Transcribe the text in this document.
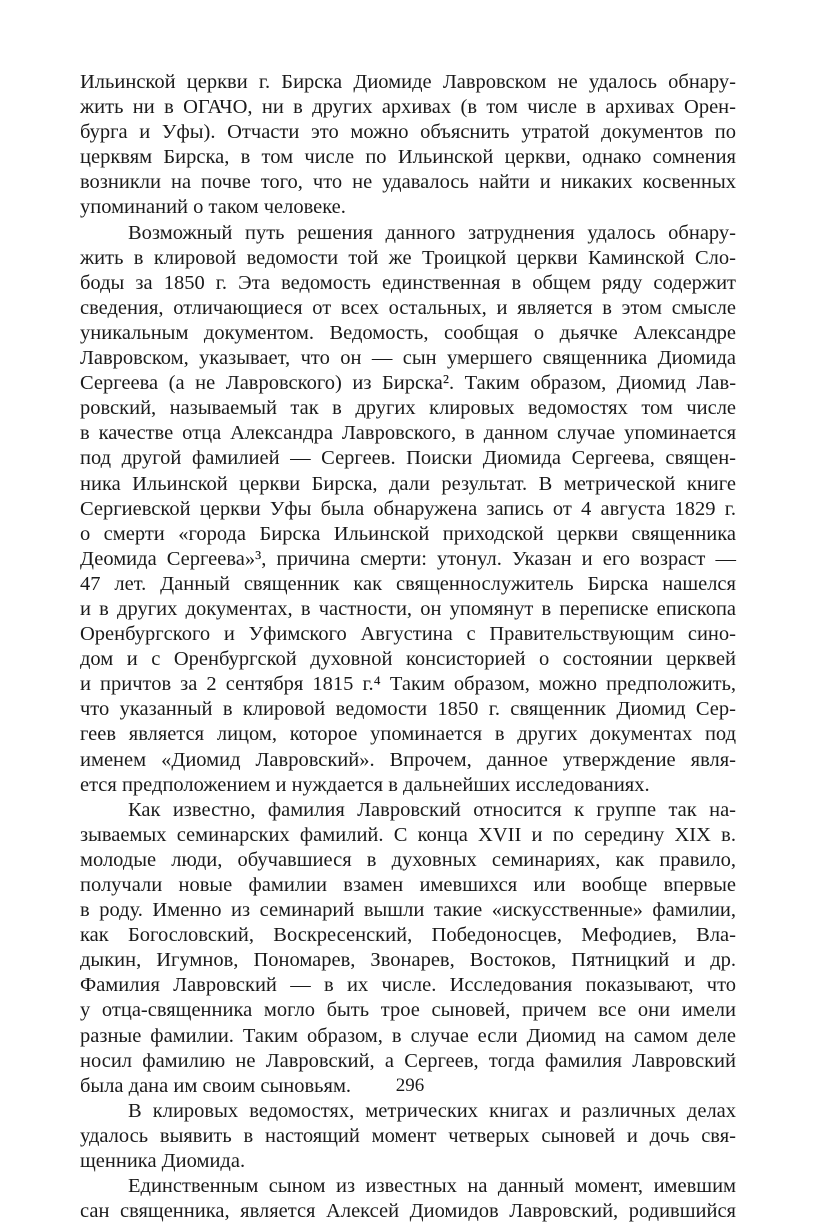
Ильинской церкви г. Бирска Диомиде Лавровском не удалось обнару-
жить ни в ОГАЧО, ни в других архивах (в том числе в архивах Орен-
бурга и Уфы). Отчасти это можно объяснить утратой документов по
церквям Бирска, в том числе по Ильинской церкви, однако сомнения
возникли на почве того, что не удавалось найти и никаких косвенных
упоминаний о таком человеке.
Возможный путь решения данного затруднения удалось обнару-
жить в клировой ведомости той же Троицкой церкви Каминской Сло-
боды за 1850 г. Эта ведомость единственная в общем ряду содержит
сведения, отличающиеся от всех остальных, и является в этом смысле
уникальным документом. Ведомость, сообщая о дьячке Александре
Лавровском, указывает, что он — сын умершего священника Диомида
Сергеева (а не Лавровского) из Бирска². Таким образом, Диомид Лав-
ровский, называемый так в других клировых ведомостях том числе
в качестве отца Александра Лавровского, в данном случае упоминается
под другой фамилией — Сергеев. Поиски Диомида Сергеева, священ-
ника Ильинской церкви Бирска, дали результат. В метрической книге
Сергиевской церкви Уфы была обнаружена запись от 4 августа 1829 г.
о смерти «города Бирска Ильинской приходской церкви священника
Деомида Сергеева»³, причина смерти: утонул. Указан и его возраст —
47 лет. Данный священник как священнослужитель Бирска нашелся
и в других документах, в частности, он упомянут в переписке епископа
Оренбургского и Уфимского Августина с Правительствующим сино-
дом и с Оренбургской духовной консисторией о состоянии церквей
и причтов за 2 сентября 1815 г.⁴ Таким образом, можно предположить,
что указанный в клировой ведомости 1850 г. священник Диомид Сер-
геев является лицом, которое упоминается в других документах под
именем «Диомид Лавровский». Впрочем, данное утверждение явля-
ется предположением и нуждается в дальнейших исследованиях.
Как известно, фамилия Лавровский относится к группе так на-
зываемых семинарских фамилий. С конца XVII и по середину XIX в.
молодые люди, обучавшиеся в духовных семинариях, как правило,
получали новые фамилии взамен имевшихся или вообще впервые
в роду. Именно из семинарий вышли такие «искусственные» фамилии,
как Богословский, Воскресенский, Победоносцев, Мефодиев, Вла-
дыкин, Игумнов, Пономарев, Звонарев, Востоков, Пятницкий и др.
Фамилия Лавровский — в их числе. Исследования показывают, что
у отца-священника могло быть трое сыновей, причем все они имели
разные фамилии. Таким образом, в случае если Диомид на самом деле
носил фамилию не Лавровский, а Сергеев, тогда фамилия Лавровский
была дана им своим сыновьям.
В клировых ведомостях, метрических книгах и различных делах
удалось выявить в настоящий момент четверых сыновей и дочь свя-
щенника Диомида.
Единственным сыном из известных на данный момент, имевшим
сан священника, является Алексей Диомидов Лавровский, родившийся
296
